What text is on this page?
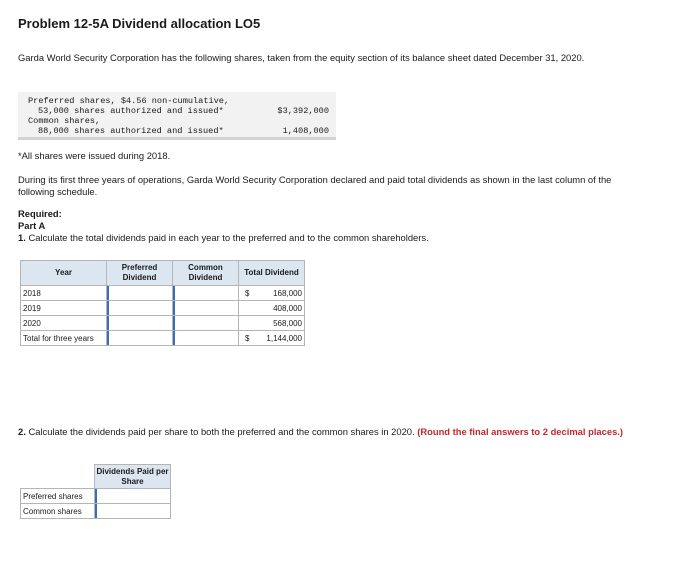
Problem 12-5A Dividend allocation LO5
Garda World Security Corporation has the following shares, taken from the equity section of its balance sheet dated December 31, 2020.
Preferred shares, $4.56 non-cumulative,
53,000 shares authorized and issued*	$3,392,000
Common shares,
88,000 shares authorized and issued*	1,408,000
*All shares were issued during 2018.
During its first three years of operations, Garda World Security Corporation declared and paid total dividends as shown in the last column of the following schedule.
Required:
Part A
1. Calculate the total dividends paid in each year to the preferred and to the common shareholders.
Year	Preferred Dividend	Common Dividend	Total Dividend
2018			$ 168,000
2019			408,000
2020			568,000
Total for three years			$ 1,144,000
2. Calculate the dividends paid per share to both the preferred and the common shares in 2020. (Round the final answers to 2 decimal places.)
	Dividends Paid per Share
Preferred shares	

Common shares	
